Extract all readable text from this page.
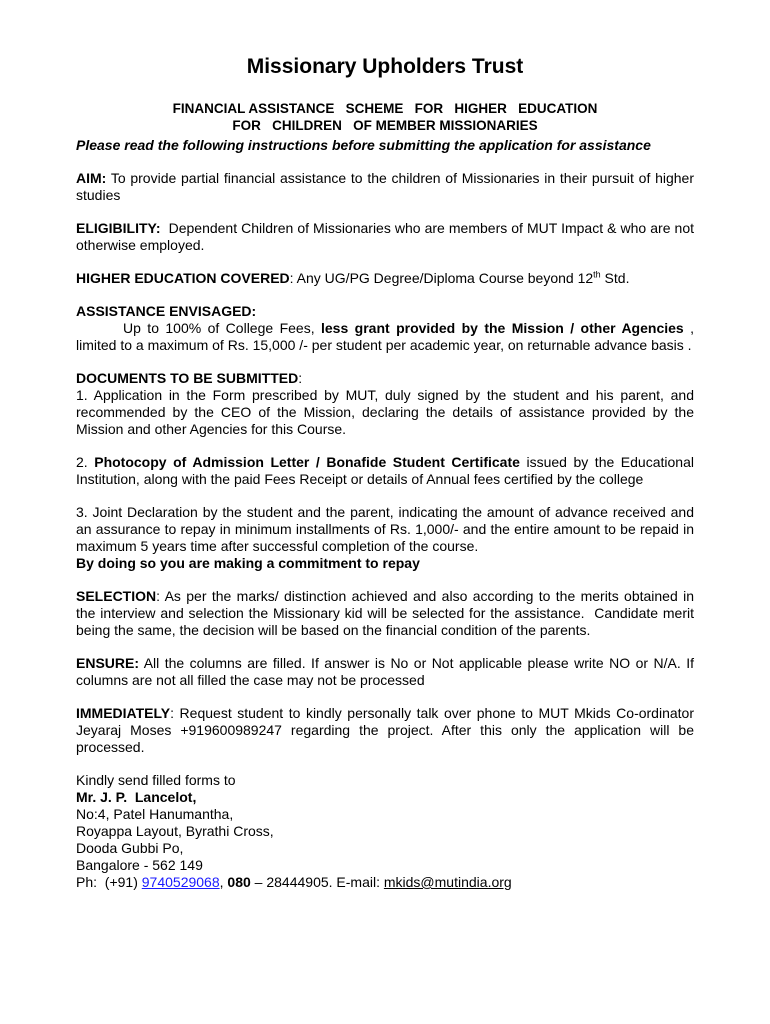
Missionary Upholders Trust
FINANCIAL ASSISTANCE   SCHEME   FOR   HIGHER   EDUCATION
FOR   CHILDREN   OF MEMBER MISSIONARIES

Please read the following instructions before submitting the application for assistance

AIM: To provide partial financial assistance to the children of Missionaries in their pursuit of higher studies

ELIGIBILITY:  Dependent Children of Missionaries who are members of MUT Impact & who are not otherwise employed.

HIGHER EDUCATION COVERED: Any UG/PG Degree/Diploma Course beyond 12th Std.

ASSISTANCE ENVISAGED:

Up to 100% of College Fees, less grant provided by the Mission / other Agencies , limited to a maximum of Rs. 15,000 /- per student per academic year, on returnable advance basis .

DOCUMENTS TO BE SUBMITTED:

1. Application in the Form prescribed by MUT, duly signed by the student and his parent, and recommended by the CEO of the Mission, declaring the details of assistance provided by the Mission and other Agencies for this Course.

2. Photocopy of Admission Letter / Bonafide Student Certificate issued by the Educational Institution, along with the paid Fees Receipt or details of Annual fees certified by the college

3. Joint Declaration by the student and the parent, indicating the amount of advance received and an assurance to repay in minimum installments of Rs. 1,000/- and the entire amount to be repaid in maximum 5 years time after successful completion of the course.

By doing so you are making a commitment to repay

SELECTION: As per the marks/ distinction achieved and also according to the merits obtained in the interview and selection the Missionary kid will be selected for the assistance.  Candidate merit being the same, the decision will be based on the financial condition of the parents.

ENSURE: All the columns are filled. If answer is No or Not applicable please write NO or N/A. If columns are not all filled the case may not be processed

IMMEDIATELY: Request student to kindly personally talk over phone to MUT Mkids Co-ordinator Jeyaraj Moses +919600989247 regarding the project. After this only the application will be processed.

Kindly send filled forms to
Mr. J. P.  Lancelot,
No:4, Patel Hanumantha,
Royappa Layout, Byrathi Cross,
Dooda Gubbi Po,
Bangalore - 562 149
Ph:  (+91) 9740529068, 080 – 28444905. E-mail: mkids@mutindia.org
